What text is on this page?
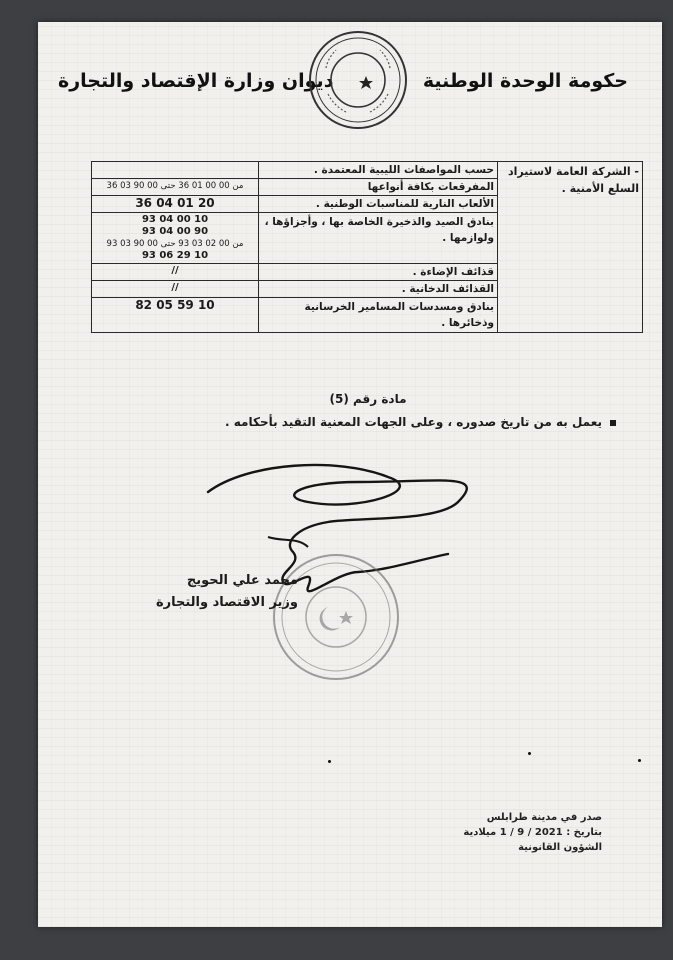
حكومة الوحدة الوطنية
ديوان وزارة الإقتصاد والتجارة
- الشركة العامة لاستيراد السلع الأمنية .	حسب المواصفات الليبية المعتمدة .	
	المفرقعات بكافة أنواعها	من 00 00 01 36 حتى 00 90 03 36
	الألعاب النارية للمناسبات الوطنية .	36 04 01 20
	بنادق الصيد والذخيرة الخاصة بها ، وأجزاؤها ، ولوازمها .	93 04 00 10
93 04 00 90
من 00 02 03 93 حتى 00 90 03 93
93 06 29 10

	قذائف الإضاءة .	//
	القذائف الدخانية .	//
	بنادق ومسدسات المسامير الخرسانية وذخائرها .	82 05 59 10
مادة رقم (5)
يعمل به من تاريخ صدوره ، وعلى الجهات المعنية التقيد بأحكامه .
محمد علي الحويج
وزير الاقتصاد والتجارة
صدر في مدينة طرابلس
بتاريخ : 2021 / 9 / 1 ميلادية
الشؤون القانونية
